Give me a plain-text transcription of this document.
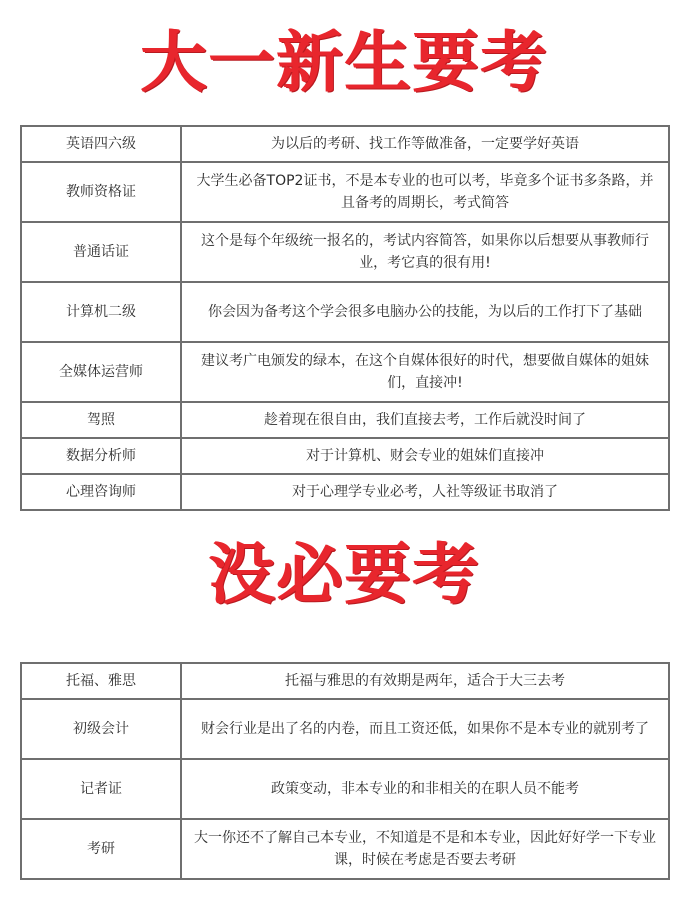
大一新生要考
英语四六级	为以后的考研、找工作等做准备，一定要学好英语
教师资格证	大学生必备TOP2证书，不是本专业的也可以考，毕竟多个证书多条路，并且备考的周期长，考式简答
普通话证	这个是每个年级统一报名的，考试内容简答，如果你以后想要从事教师行业，考它真的很有用!
计算机二级	你会因为备考这个学会很多电脑办公的技能，为以后的工作打下了基础
全媒体运营师	建议考广电颁发的绿本，在这个自媒体很好的时代，想要做自媒体的姐妹们，直接冲!
驾照	趁着现在很自由，我们直接去考，工作后就没时间了
数据分析师	对于计算机、财会专业的姐妹们直接冲
心理咨询师	对于心理学专业必考，人社等级证书取消了
没必要考
托福、雅思	托福与雅思的有效期是两年，适合于大三去考
初级会计	财会行业是出了名的内卷，而且工资还低，如果你不是本专业的就别考了
记者证	政策变动，非本专业的和非相关的在职人员不能考
考研	大一你还不了解自己本专业，不知道是不是和本专业，因此好好学一下专业课，时候在考虑是否要去考研
